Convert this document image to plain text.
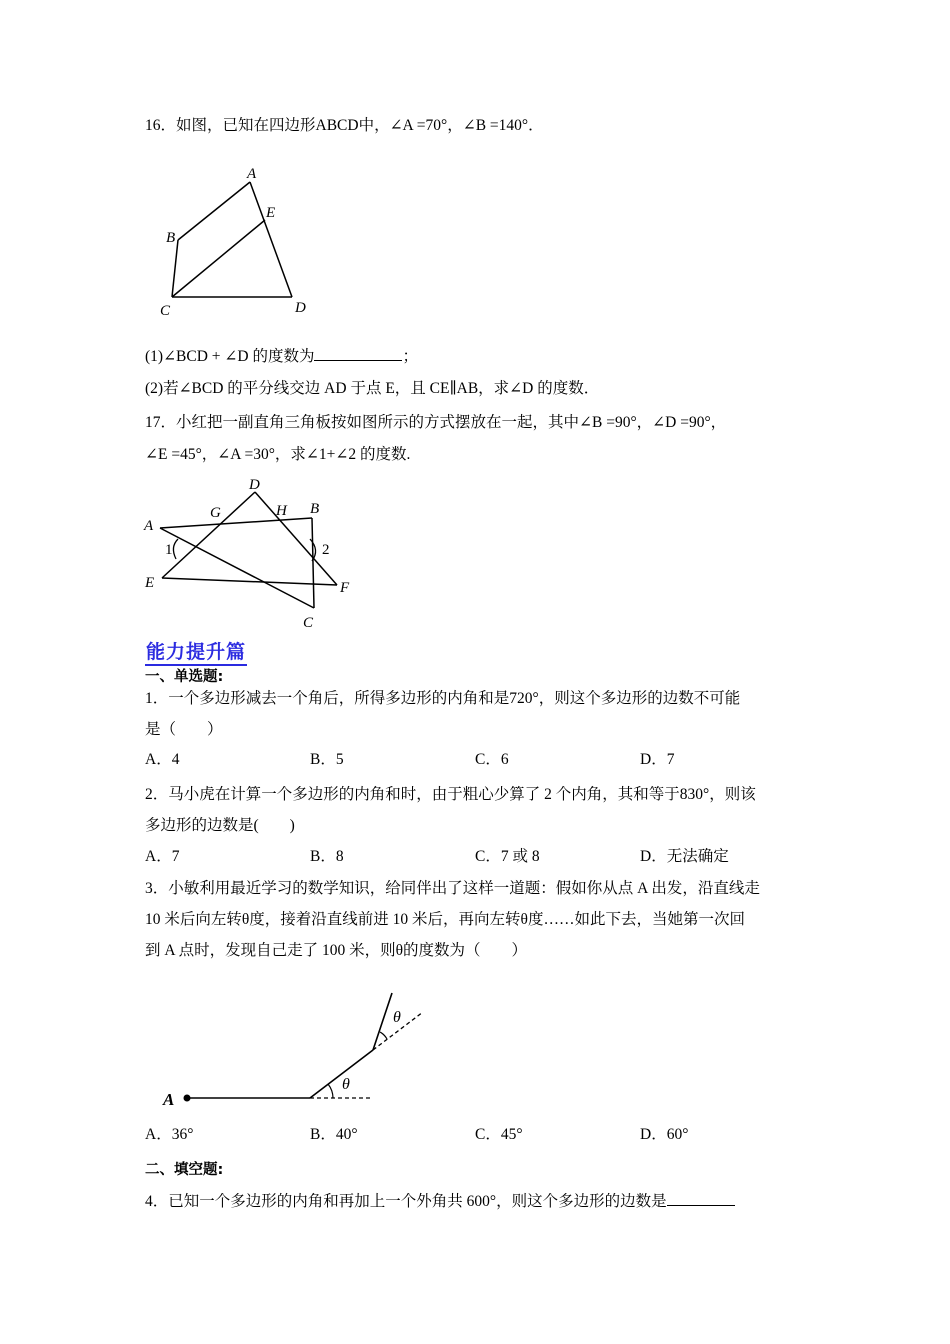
16．如图，已知在四边形ABCD中，∠A =70°，∠B =140°．
A
B
C	D
E
(1)∠BCD + ∠D 的度数为	；
(2)若∠BCD 的平分线交边 AD 于点 E，且 CE∥AB，求∠D 的度数．
17．小红把一副直角三角板按如图所示的方式摆放在一起，其中∠B =90°，∠D =90°，
∠E =45°，∠A =30°，求∠1+∠2 的度数.
A
B
C
D
E	F
G	H
1	2
能力提升篇
一、单选题:
1．一个多边形减去一个角后，所得多边形的内角和是720°，则这个多边形的边数不可能
是（　　）
A．4	B．5	C．6	D．7
2．马小虎在计算一个多边形的内角和时，由于粗心少算了 2 个内角，其和等于830°，则该
多边形的边数是(　　)
A．7	B．8	C．7 或 8	D．无法确定
3．小敏利用最近学习的数学知识，给同伴出了这样一道题：假如你从点 A 出发，沿直线走
10 米后向左转θ度，接着沿直线前进 10 米后，再向左转θ度……如此下去，当她第一次回
到 A 点时，发现自己走了 100 米，则θ的度数为（　　）
A
θ
θ
A．36°	B．40°	C．45°	D．60°
二、填空题:
4．已知一个多边形的内角和再加上一个外角共 600°，则这个多边形的边数是
